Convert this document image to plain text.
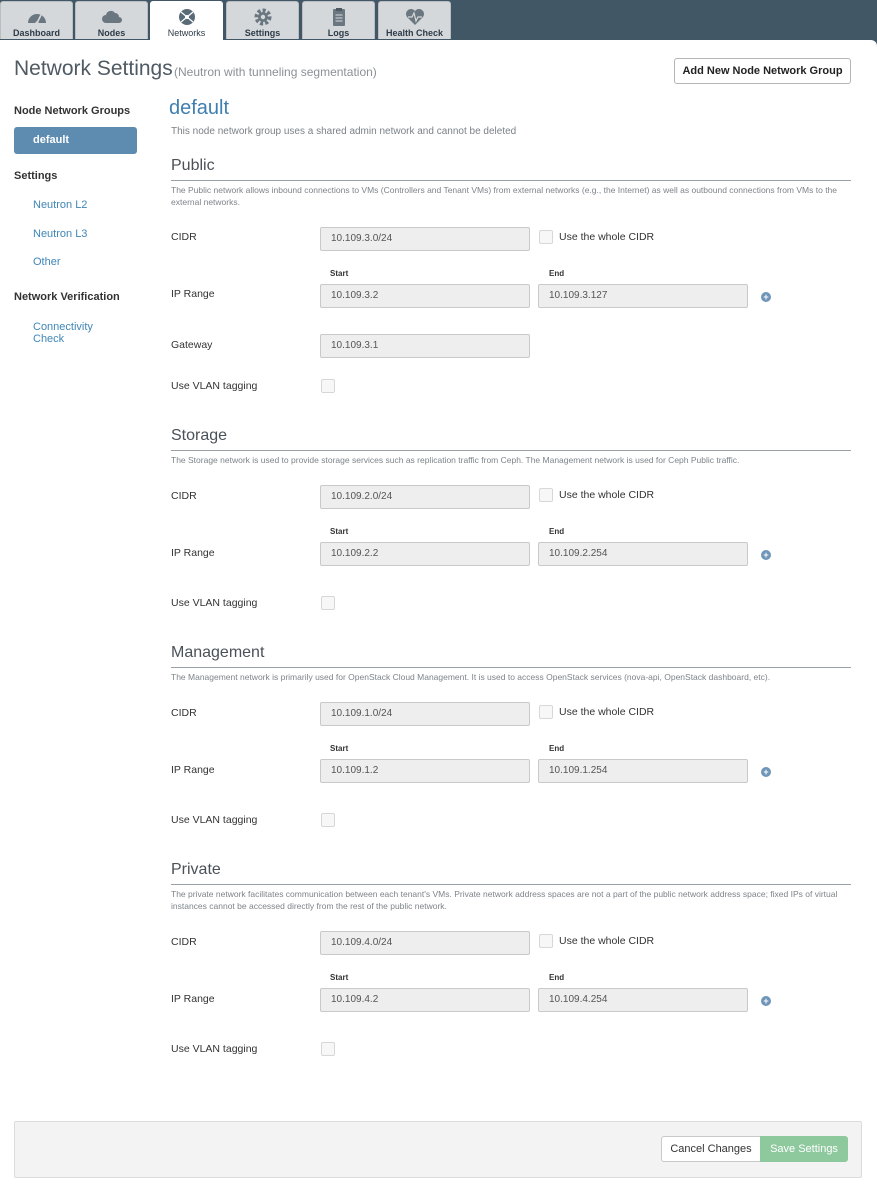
Dashboard	Nodes	Networks	Settings	Logs	Health Check
Network Settings (Neutron with tunneling segmentation)	Add New Node Network Group
Node Network Groups
default
Settings
Neutron L2
Neutron L3
Other
Network Verification
Connectivity Check
default
This node network group uses a shared admin network and cannot be deleted
Public
The Public network allows inbound connections to VMs (Controllers and Tenant VMs) from external networks (e.g., the Internet) as well as outbound connections from VMs to the external networks.
CIDR	10.109.3.0/24	Use the whole CIDR
Start	End
IP Range	10.109.3.2	10.109.3.127	+
Gateway	10.109.3.1
Use VLAN tagging
Storage
The Storage network is used to provide storage services such as replication traffic from Ceph. The Management network is used for Ceph Public traffic.
CIDR	10.109.2.0/24	Use the whole CIDR
Start	End
IP Range	10.109.2.2	10.109.2.254	+
Use VLAN tagging
Management
The Management network is primarily used for OpenStack Cloud Management. It is used to access OpenStack services (nova-api, OpenStack dashboard, etc).
CIDR	10.109.1.0/24	Use the whole CIDR
Start	End
IP Range	10.109.1.2	10.109.1.254	+
Use VLAN tagging
Private
The private network facilitates communication between each tenant's VMs. Private network address spaces are not a part of the public network address space; fixed IPs of virtual instances cannot be accessed directly from the rest of the public network.
CIDR	10.109.4.0/24	Use the whole CIDR
Start	End
IP Range	10.109.4.2	10.109.4.254	+
Use VLAN tagging
Cancel Changes	Save Settings
